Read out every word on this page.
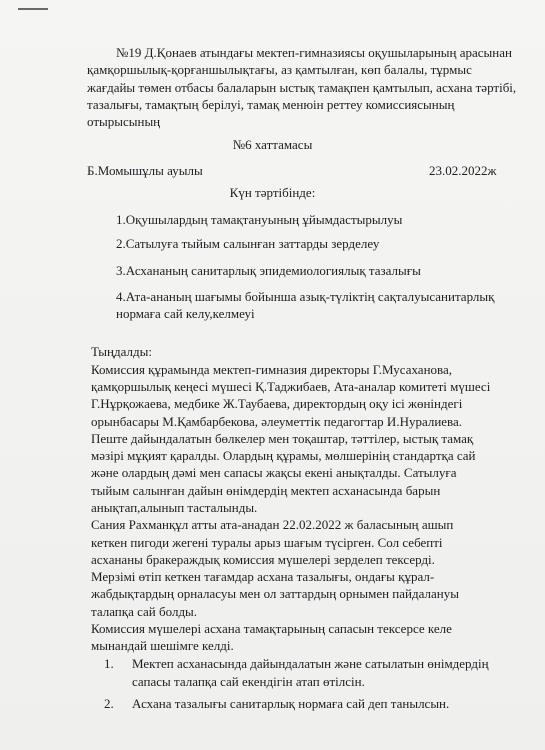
№19 Д.Қонаев атындағы мектеп-гимназиясы оқушыларының арасынан
қамқоршылық-қорғаншылықтағы, аз қамтылған, көп балалы, тұрмыс
жағдайы төмен отбасы балаларын ыстық тамақпен қамтылып, асхана тәртібі,
тазалығы, тамақтың берілуі, тамақ менюін реттеу комиссиясының
отырысының
№6 хаттамасы
Б.Момышұлы ауылы	23.02.2022ж
Күн тәртібінде:
1.Оқушылардың тамақтануының ұйымдастырылуы
2.Сатылуға тыйым салынған заттарды зерделеу
3.Асхананың санитарлық эпидемиологиялық тазалығы
4.Ата-ананың шағымы бойынша азық-түліктің сақталуысанитарлық
нормаға сай келу,келмеуі
Тыңдалды:
Комиссия құрамында мектеп-гимназия директоры Г.Мусаханова,
қамқоршылық кеңесі мүшесі Қ.Таджибаев, Ата-аналар комитеті мүшесі
Г.Нұрқожаева, медбике Ж.Таубаева, директордың оқу ісі жөніндегі
орынбасары М.Қамбарбекова, әлеуметтік педагогтар И.Нуралиева.
Пеште дайындалатын бөлкелер мен тоқаштар, тәттілер, ыстық тамақ
мәзірі мұқият қаралды. Олардың құрамы, мөлшерінің стандартқа сай
және олардың дәмі мен сапасы жақсы екені анықталды. Сатылуға
тыйым салынған дайын өнімдердің мектеп асханасында барын
анықтап,алынып тасталынды.
Сания Рахманқұл атты ата-анадан 22.02.2022 ж баласының ашып
кеткен пигоди жегені туралы арыз шағым түсірген. Сол себепті
асхананы бракераждық комиссия мүшелері зерделеп тексерді.
Мерзімі өтіп кеткен тағамдар асхана тазалығы, ондағы құрал-
жабдықтардың орналасуы мен ол заттардың орнымен пайдалануы
талапқа сай болды.
Комиссия мүшелері асхана тамақтарының сапасын тексерсе келе
мынандай шешімге келді.
1. Мектеп асханасында дайындалатын және сатылатын өнімдердің
сапасы талапқа сай екендігін атап өтілсін.
2. Асхана тазалығы санитарлық нормаға сай деп танылсын.
